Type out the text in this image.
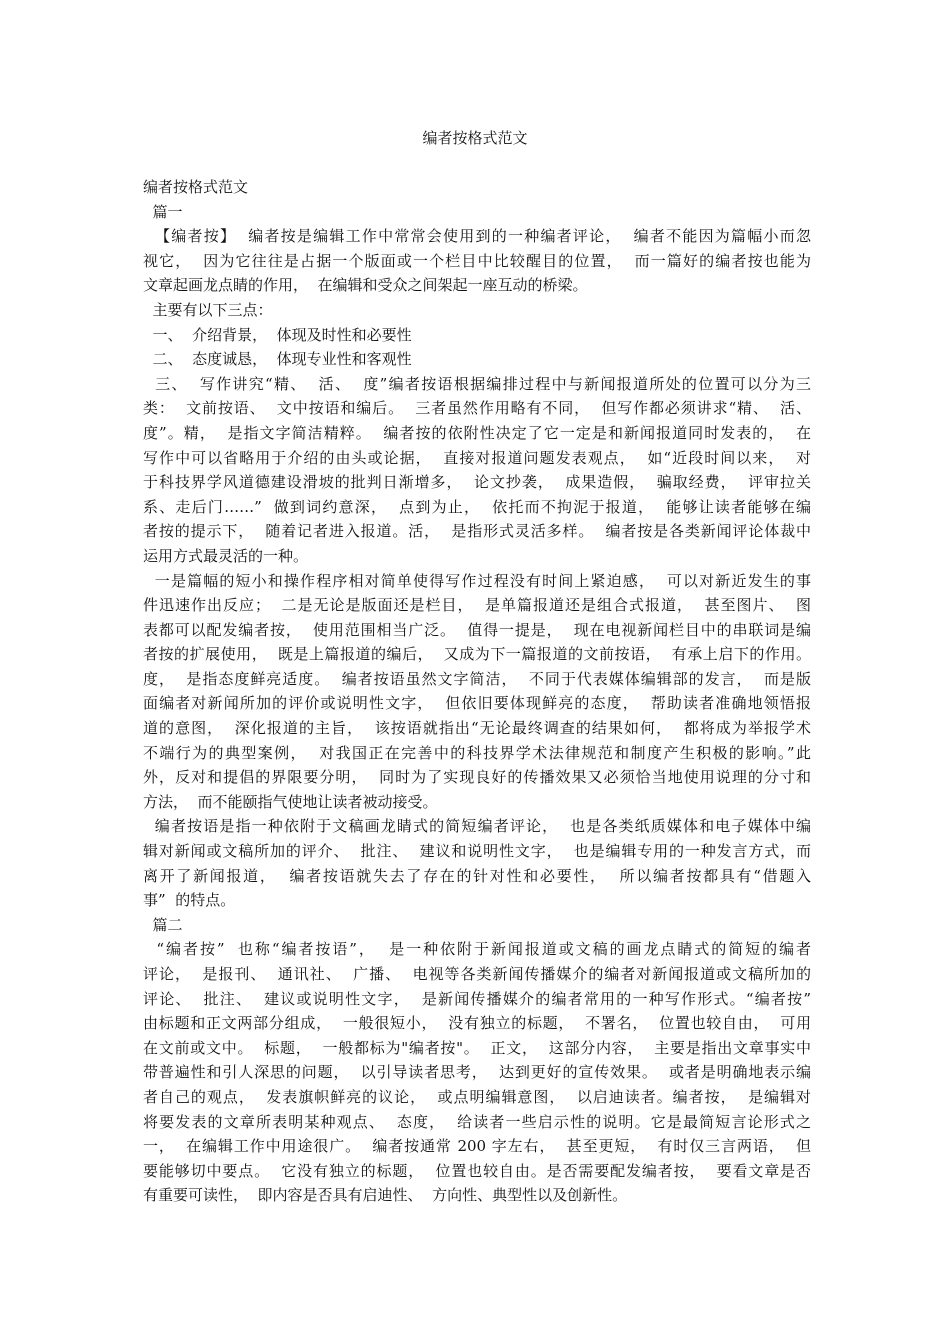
编者按格式范文
编者按格式范文
篇一
【编者按】  编者按是编辑工作中常常会使用到的一种编者评论，  编者不能因为篇幅小而忽
视它，  因为它往往是占据一个版面或一个栏目中比较醒目的位置，  而一篇好的编者按也能为
文章起画龙点睛的作用，  在编辑和受众之间架起一座互动的桥梁。
主要有以下三点：
一、  介绍背景，  体现及时性和必要性
二、  态度诚恳，  体现专业性和客观性
三、  写作讲究“精、  活、  度”编者按语根据编排过程中与新闻报道所处的位置可以分为三
类：  文前按语、  文中按语和编后。  三者虽然作用略有不同，  但写作都必须讲求“精、  活、
度”。精，  是指文字简洁精粹。  编者按的依附性决定了它一定是和新闻报道同时发表的，  在
写作中可以省略用于介绍的由头或论据，  直接对报道问题发表观点，  如“近段时间以来，  对
于科技界学风道德建设滑坡的批判日渐增多，  论文抄袭，  成果造假，  骗取经费，  评审拉关
系、走后门……”  做到词约意深，  点到为止，  依托而不拘泥于报道，  能够让读者能够在编
者按的提示下，  随着记者进入报道。活，  是指形式灵活多样。  编者按是各类新闻评论体裁中
运用方式最灵活的一种。
一是篇幅的短小和操作程序相对简单使得写作过程没有时间上紧迫感，  可以对新近发生的事
件迅速作出反应；  二是无论是版面还是栏目，  是单篇报道还是组合式报道，  甚至图片、  图
表都可以配发编者按，  使用范围相当广泛。  值得一提是，  现在电视新闻栏目中的串联词是编
者按的扩展使用，  既是上篇报道的编后，  又成为下一篇报道的文前按语，  有承上启下的作用。
度，  是指态度鲜亮适度。  编者按语虽然文字简洁，  不同于代表媒体编辑部的发言，  而是版
面编者对新闻所加的评价或说明性文字，  但依旧要体现鲜亮的态度，  帮助读者准确地领悟报
道的意图，  深化报道的主旨，  该按语就指出“无论最终调查的结果如何，  都将成为举报学术
不端行为的典型案例，  对我国正在完善中的科技界学术法律规范和制度产生积极的影响。”此
外，反对和提倡的界限要分明，  同时为了实现良好的传播效果又必须恰当地使用说理的分寸和
方法，  而不能颐指气使地让读者被动接受。
编者按语是指一种依附于文稿画龙睛式的简短编者评论，  也是各类纸质媒体和电子媒体中编
辑对新闻或文稿所加的评介、  批注、  建议和说明性文字，  也是编辑专用的一种发言方式，而
离开了新闻报道，  编者按语就失去了存在的针对性和必要性，  所以编者按都具有“借题入
事”  的特点。
篇二
“编者按”  也称“编者按语”，  是一种依附于新闻报道或文稿的画龙点睛式的简短的编者
评论，  是报刊、  通讯社、  广播、  电视等各类新闻传播媒介的编者对新闻报道或文稿所加的
评论、  批注、  建议或说明性文字，  是新闻传播媒介的编者常用的一种写作形式。“编者按”
由标题和正文两部分组成，  一般很短小，  没有独立的标题，  不署名，  位置也较自由，  可用
在文前或文中。  标题，  一般都标为"编者按"。  正文，  这部分内容，  主要是指出文章事实中
带普遍性和引人深思的问题，  以引导读者思考，  达到更好的宣传效果。  或者是明确地表示编
者自己的观点，  发表旗帜鲜亮的议论，  或点明编辑意图，  以启迪读者。编者按，  是编辑对
将要发表的文章所表明某种观点、  态度，  给读者一些启示性的说明。它是最简短言论形式之
一，  在编辑工作中用途很广。  编者按通常 200 字左右，  甚至更短，  有时仅三言两语，  但
要能够切中要点。  它没有独立的标题，  位置也较自由。是否需要配发编者按，  要看文章是否
有重要可读性，  即内容是否具有启迪性、  方向性、典型性以及创新性。
